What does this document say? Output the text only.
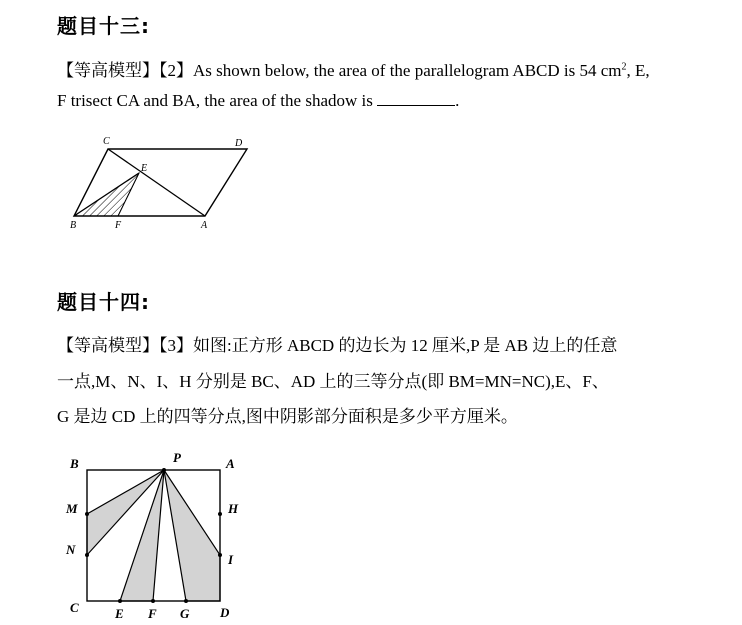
题目十三:
【等高模型】【2】As shown below, the area of the parallelogram ABCD is 54 $cm^2$, E,
F trisect CA and BA, the area of the shadow is	.
C	D
E
B	F	A
题目十四:
【等高模型】【3】如图:正方形 ABCD 的边长为 12 厘米,P 是 AB 边上的任意
一点,M、N、I、H 分别是 BC、AD 上的三等分点(即 BM=MN=NC),E、F、
G 是边 CD 上的四等分点,图中阴影部分面积是多少平方厘米。
B	P	A
M	H
N
I
C	E F G D
